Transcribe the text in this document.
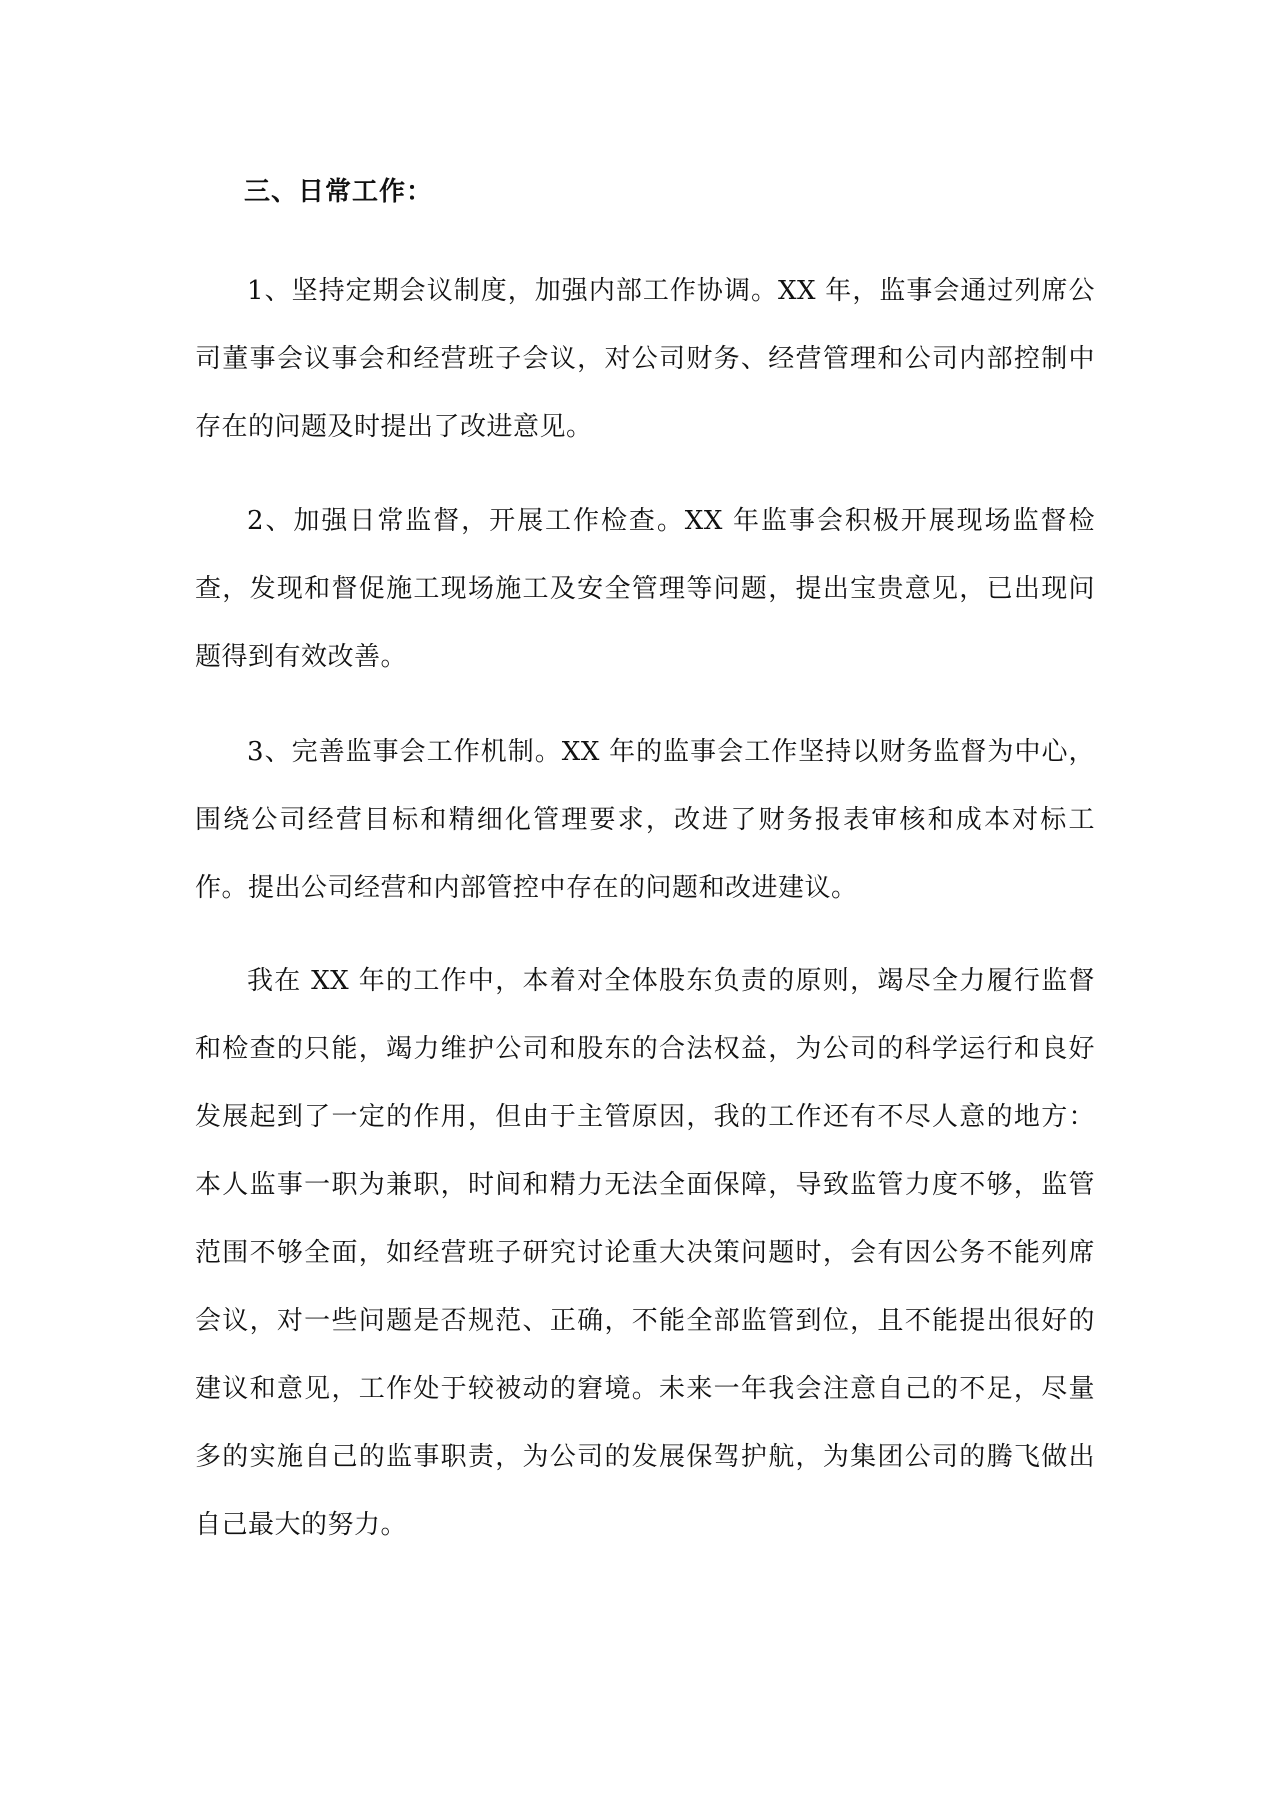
三、日常工作：

1、坚持定期会议制度，加强内部工作协调。XX 年，监事会通过列席公司董事会议事会和经营班子会议，对公司财务、经营管理和公司内部控制中存在的问题及时提出了改进意见。

2、加强日常监督，开展工作检查。XX 年监事会积极开展现场监督检查，发现和督促施工现场施工及安全管理等问题，提出宝贵意见，已出现问题得到有效改善。

3、完善监事会工作机制。XX 年的监事会工作坚持以财务监督为中心，围绕公司经营目标和精细化管理要求，改进了财务报表审核和成本对标工作。提出公司经营和内部管控中存在的问题和改进建议。

我在 XX 年的工作中，本着对全体股东负责的原则，竭尽全力履行监督和检查的只能，竭力维护公司和股东的合法权益，为公司的科学运行和良好发展起到了一定的作用，但由于主管原因，我的工作还有不尽人意的地方：本人监事一职为兼职，时间和精力无法全面保障，导致监管力度不够，监管范围不够全面，如经营班子研究讨论重大决策问题时，会有因公务不能列席会议，对一些问题是否规范、正确，不能全部监管到位，且不能提出很好的建议和意见，工作处于较被动的窘境。未来一年我会注意自己的不足，尽量多的实施自己的监事职责，为公司的发展保驾护航，为集团公司的腾飞做出自己最大的努力。
